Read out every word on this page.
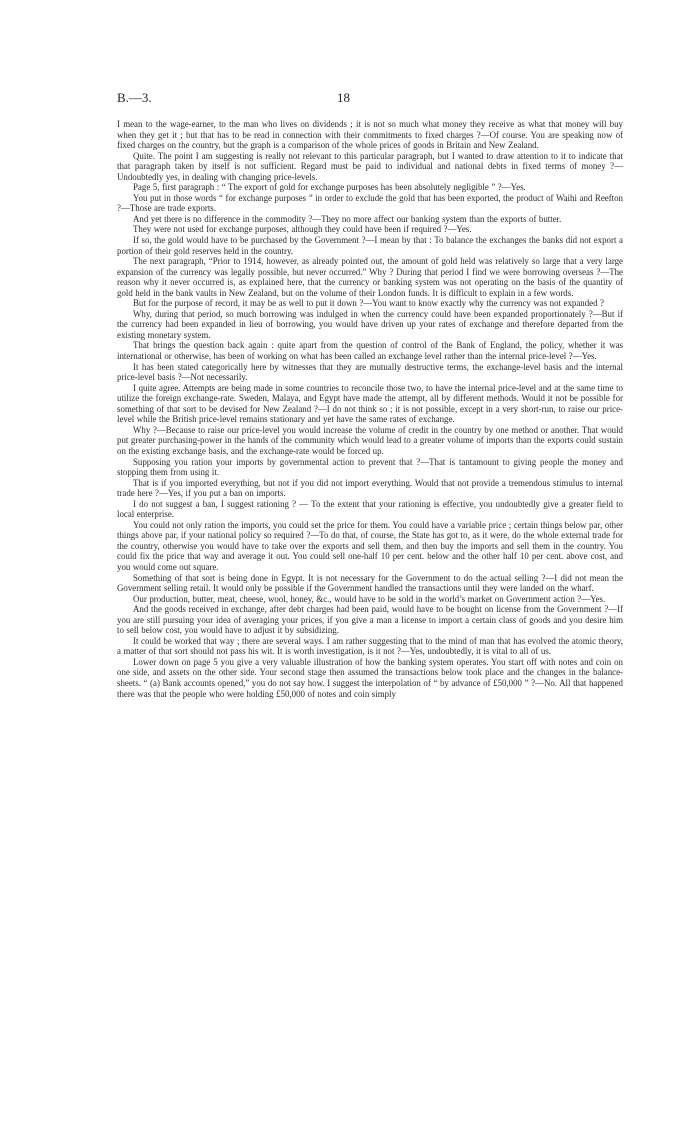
B.—3.	18

I mean to the wage-earner, to the man who lives on dividends ; it is not so much what money they receive as what that money will buy when they get it ; but that has to be read in connection with their commitments to fixed charges ?—Of course. You are speaking now of fixed charges on the country, but the graph is a comparison of the whole prices of goods in Britain and New Zealand.

Quite. The point I am suggesting is really not relevant to this particular paragraph, but I wanted to draw attention to it to indicate that that paragraph taken by itself is not sufficient. Regard must be paid to individual and national debts in fixed terms of money ?—Undoubtedly yes, in dealing with changing price-levels.

Page 5, first paragraph : “ The export of gold for exchange purposes has been absolutely negligible ” ?—Yes.

You put in those words “ for exchange purposes ” in order to exclude the gold that has been exported, the product of Waihi and Reefton ?—Those are trade exports.

And yet there is no difference in the commodity ?—They no more affect our banking system than the exports of butter.

They were not used for exchange purposes, although they could have been if required ?—Yes.

If so, the gold would have to be purchased by the Government ?—I mean by that : To balance the exchanges the banks did not export a portion of their gold reserves held in the country.

The next paragraph, “Prior to 1914, however, as already pointed out, the amount of gold held was relatively so large that a very large expansion of the currency was legally possible, but never occurred.” Why ? During that period I find we were borrowing overseas ?—The reason why it never occurred is, as explained here, that the currency or banking system was not operating on the basis of the quantity of gold held in the bank vaults in New Zealand, but on the volume of their London funds. It is difficult to explain in a few words.

But for the purpose of record, it may be as well to put it down ?—You want to know exactly why the currency was not expanded ?

Why, during that period, so much borrowing was indulged in when the currency could have been expanded proportionately ?—But if the currency had been expanded in lieu of borrowing, you would have driven up your rates of exchange and therefore departed from the existing monetary system.

That brings the question back again : quite apart from the question of control of the Bank of England, the policy, whether it was international or otherwise, has been of working on what has been called an exchange level rather than the internal price-level ?—Yes.

It has been stated categorically here by witnesses that they are mutually destructive terms, the exchange-level basis and the internal price-level basis ?—Not necessarily.

I quite agree. Attempts are being made in some countries to reconcile those two, to have the internal price-level and at the same time to utilize the foreign exchange-rate. Sweden, Malaya, and Egypt have made the attempt, all by different methods. Would it not be possible for something of that sort to be devised for New Zealand ?—I do not think so ; it is not possible, except in a very short-run, to raise our price-level while the British price-level remains stationary and yet have the same rates of exchange.

Why ?—Because to raise our price-level you would increase the volume of credit in the country by one method or another. That would put greater purchasing-power in the hands of the community which would lead to a greater volume of imports than the exports could sustain on the existing exchange basis, and the exchange-rate would be forced up.

Supposing you ration your imports by governmental action to prevent that ?—That is tantamount to giving people the money and stopping them from using it.

That is if you imported everything, but not if you did not import everything. Would that not provide a tremendous stimulus to internal trade here ?—Yes, if you put a ban on imports.

I do not suggest a ban, I suggest rationing ? — To the extent that your rationing is effective, you undoubtedly give a greater field to local enterprise.

You could not only ration the imports, you could set the price for them. You could have a variable price ; certain things below par, other things above par, if your national policy so required ?—To do that, of course, the State has got to, as it were, do the whole external trade for the country, otherwise you would have to take over the exports and sell them, and then buy the imports and sell them in the country. You could fix the price that way and average it out. You could sell one-half 10 per cent. below and the other half 10 per cent. above cost, and you would come out square.

Something of that sort is being done in Egypt. It is not necessary for the Government to do the actual selling ?—I did not mean the Government selling retail. It would only be possible if the Government handled the transactions until they were landed on the wharf.

Our production, butter, meat, cheese, wool, honey, &c., would have to be sold in the world’s market on Government action ?—Yes.

And the goods received in exchange, after debt charges had been paid, would have to be bought on license from the Government ?—If you are still pursuing your idea of averaging your prices, if you give a man a license to import a certain class of goods and you desire him to sell below cost, you would have to adjust it by subsidizing.

It could be worked that way ; there are several ways. I am rather suggesting that to the mind of man that has evolved the atomic theory, a matter of that sort should not pass his wit. It is worth investigation, is it not ?—Yes, undoubtedly, it is vital to all of us.

Lower down on page 5 you give a very valuable illustration of how the banking system operates. You start off with notes and coin on one side, and assets on the other side. Your second stage then assumed the transactions below took place and the changes in the balance-sheets. “ (a) Bank accounts opened,” you do not say how. I suggest the interpolation of “ by advance of £50,000 ” ?—No. All that happened there was that the people who were holding £50,000 of notes and coin simply
